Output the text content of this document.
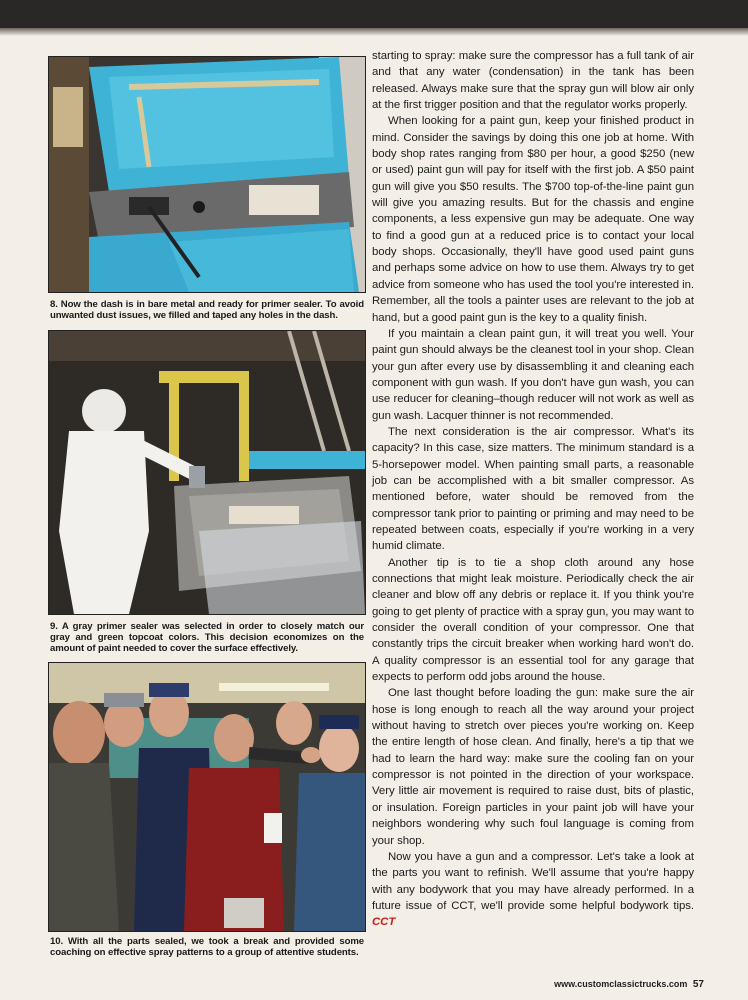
8. Now the dash is in bare metal and ready for primer sealer. To avoid unwanted dust issues, we filled and taped any holes in the dash.
9. A gray primer sealer was selected in order to closely match our gray and green topcoat colors. This decision economizes on the amount of paint needed to cover the surface effectively.
10. With all the parts sealed, we took a break and provided some coaching on effective spray patterns to a group of attentive students.

starting to spray: make sure the compressor has a full tank of air and that any water (condensation) in the tank has been released. Always make sure that the spray gun will blow air only at the first trigger position and that the regulator works properly.

When looking for a paint gun, keep your finished product in mind. Consider the savings by doing this one job at home. With body shop rates ranging from $80 per hour, a good $250 (new or used) paint gun will pay for itself with the first job. A $50 paint gun will give you $50 results. The $700 top-of-the-line paint gun will give you amazing results. But for the chassis and engine components, a less expensive gun may be adequate. One way to find a good gun at a reduced price is to contact your local body shops. Occasionally, they'll have good used paint guns and perhaps some advice on how to use them. Always try to get advice from someone who has used the tool you're interested in. Remember, all the tools a painter uses are relevant to the job at hand, but a good paint gun is the key to a quality finish.

If you maintain a clean paint gun, it will treat you well. Your paint gun should always be the cleanest tool in your shop. Clean your gun after every use by disassembling it and cleaning each component with gun wash. If you don't have gun wash, you can use reducer for cleaning–though reducer will not work as well as gun wash. Lacquer thinner is not recommended.

The next consideration is the air compressor. What's its capacity? In this case, size matters. The minimum standard is a 5-horsepower model. When painting small parts, a reasonable job can be accomplished with a bit smaller compressor. As mentioned before, water should be removed from the compressor tank prior to painting or priming and may need to be repeated between coats, especially if you're working in a very humid climate.

Another tip is to tie a shop cloth around any hose connections that might leak moisture. Periodically check the air cleaner and blow off any debris or replace it. If you think you're going to get plenty of practice with a spray gun, you may want to consider the overall condition of your compressor. One that constantly trips the circuit breaker when working hard won't do. A quality compressor is an essential tool for any garage that expects to perform odd jobs around the house.

One last thought before loading the gun: make sure the air hose is long enough to reach all the way around your project without having to stretch over pieces you're working on. Keep the entire length of hose clean. And finally, here's a tip that we had to learn the hard way: make sure the cooling fan on your compressor is not pointed in the direction of your workspace. Very little air movement is required to raise dust, bits of plastic, or insulation. Foreign particles in your paint job will have your neighbors wondering why such foul language is coming from your shop.

Now you have a gun and a compressor. Let's take a look at the parts you want to refinish. We'll assume that you're happy with any bodywork that you may have already performed. In a future issue of CCT, we'll provide some helpful bodywork tips. CCT

www.customclassictrucks.com 57
